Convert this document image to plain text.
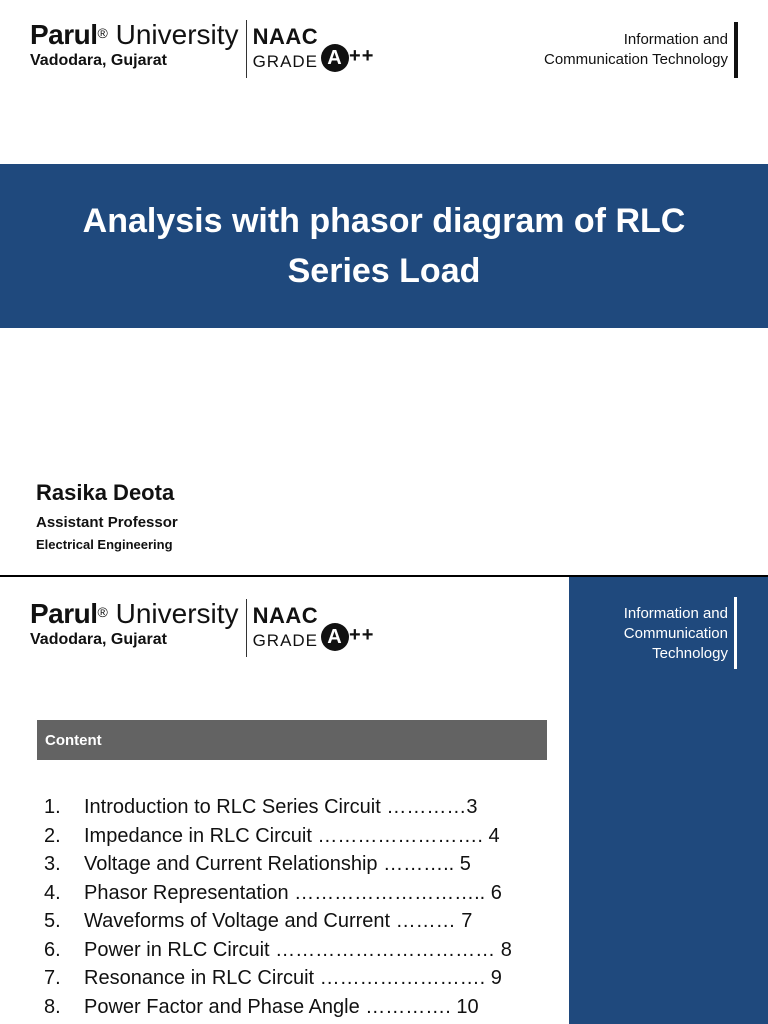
Parul® University
Vadodara, Gujarat
NAAC
GRADE A ++
Information and
Communication Technology
Analysis with phasor diagram of RLC Series Load
Rasika Deota
Assistant Professor
Electrical Engineering
Parul® University
Vadodara, Gujarat
NAAC
GRADE A ++
Information and
Communication
Technology
Content
1.	Introduction to RLC Series Circuit …………3
2.	Impedance in RLC Circuit ……………………. 4
3.	Voltage and Current Relationship ……….. 5
4.	Phasor Representation ……………………….. 6
5.	Waveforms of Voltage and Current ……… 7
6.	Power in RLC Circuit …………………………… 8
7.	Resonance in RLC Circuit ……………………. 9
8.	Power Factor and Phase Angle …………. 10
